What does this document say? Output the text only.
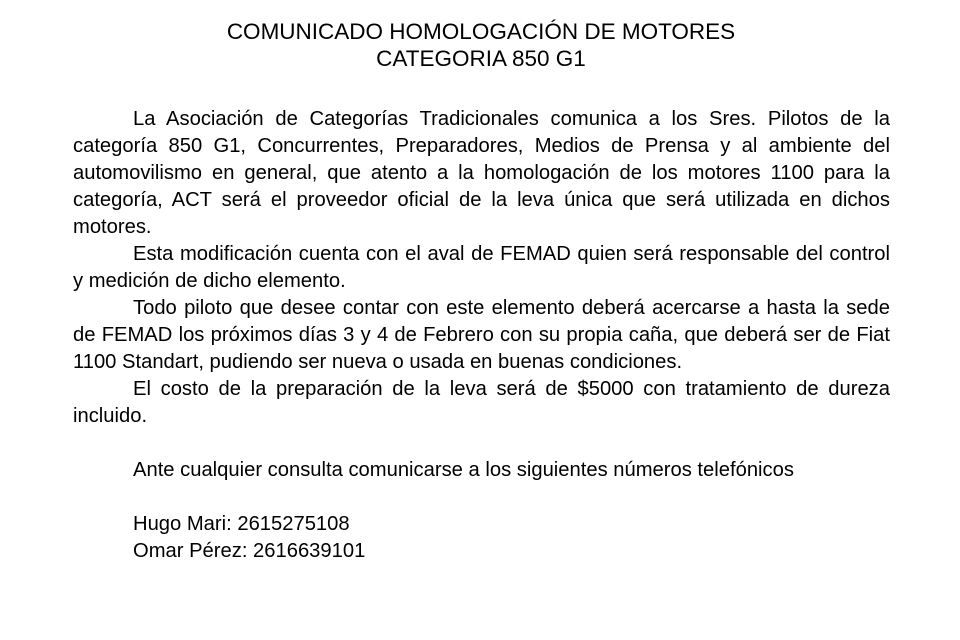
COMUNICADO HOMOLOGACIÓN DE MOTORES
CATEGORIA 850 G1

La Asociación de Categorías Tradicionales comunica a los Sres. Pilotos de la categoría 850 G1, Concurrentes, Preparadores, Medios de Prensa y al ambiente del automovilismo en general, que atento a la homologación de los motores 1100 para la categoría, ACT será el proveedor oficial de la leva única que será utilizada en dichos motores.

Esta modificación cuenta con el aval de FEMAD quien será responsable del control y medición de dicho elemento.

Todo piloto que desee contar con este elemento deberá acercarse a hasta la sede de FEMAD los próximos días 3 y 4 de Febrero con su propia caña, que deberá ser de Fiat 1100 Standart, pudiendo ser nueva o usada en buenas condiciones.

El costo de la preparación de la leva será de $5000 con tratamiento de dureza incluido.

Ante cualquier consulta comunicarse a los siguientes números telefónicos

Hugo Mari: 2615275108

Omar Pérez: 2616639101
